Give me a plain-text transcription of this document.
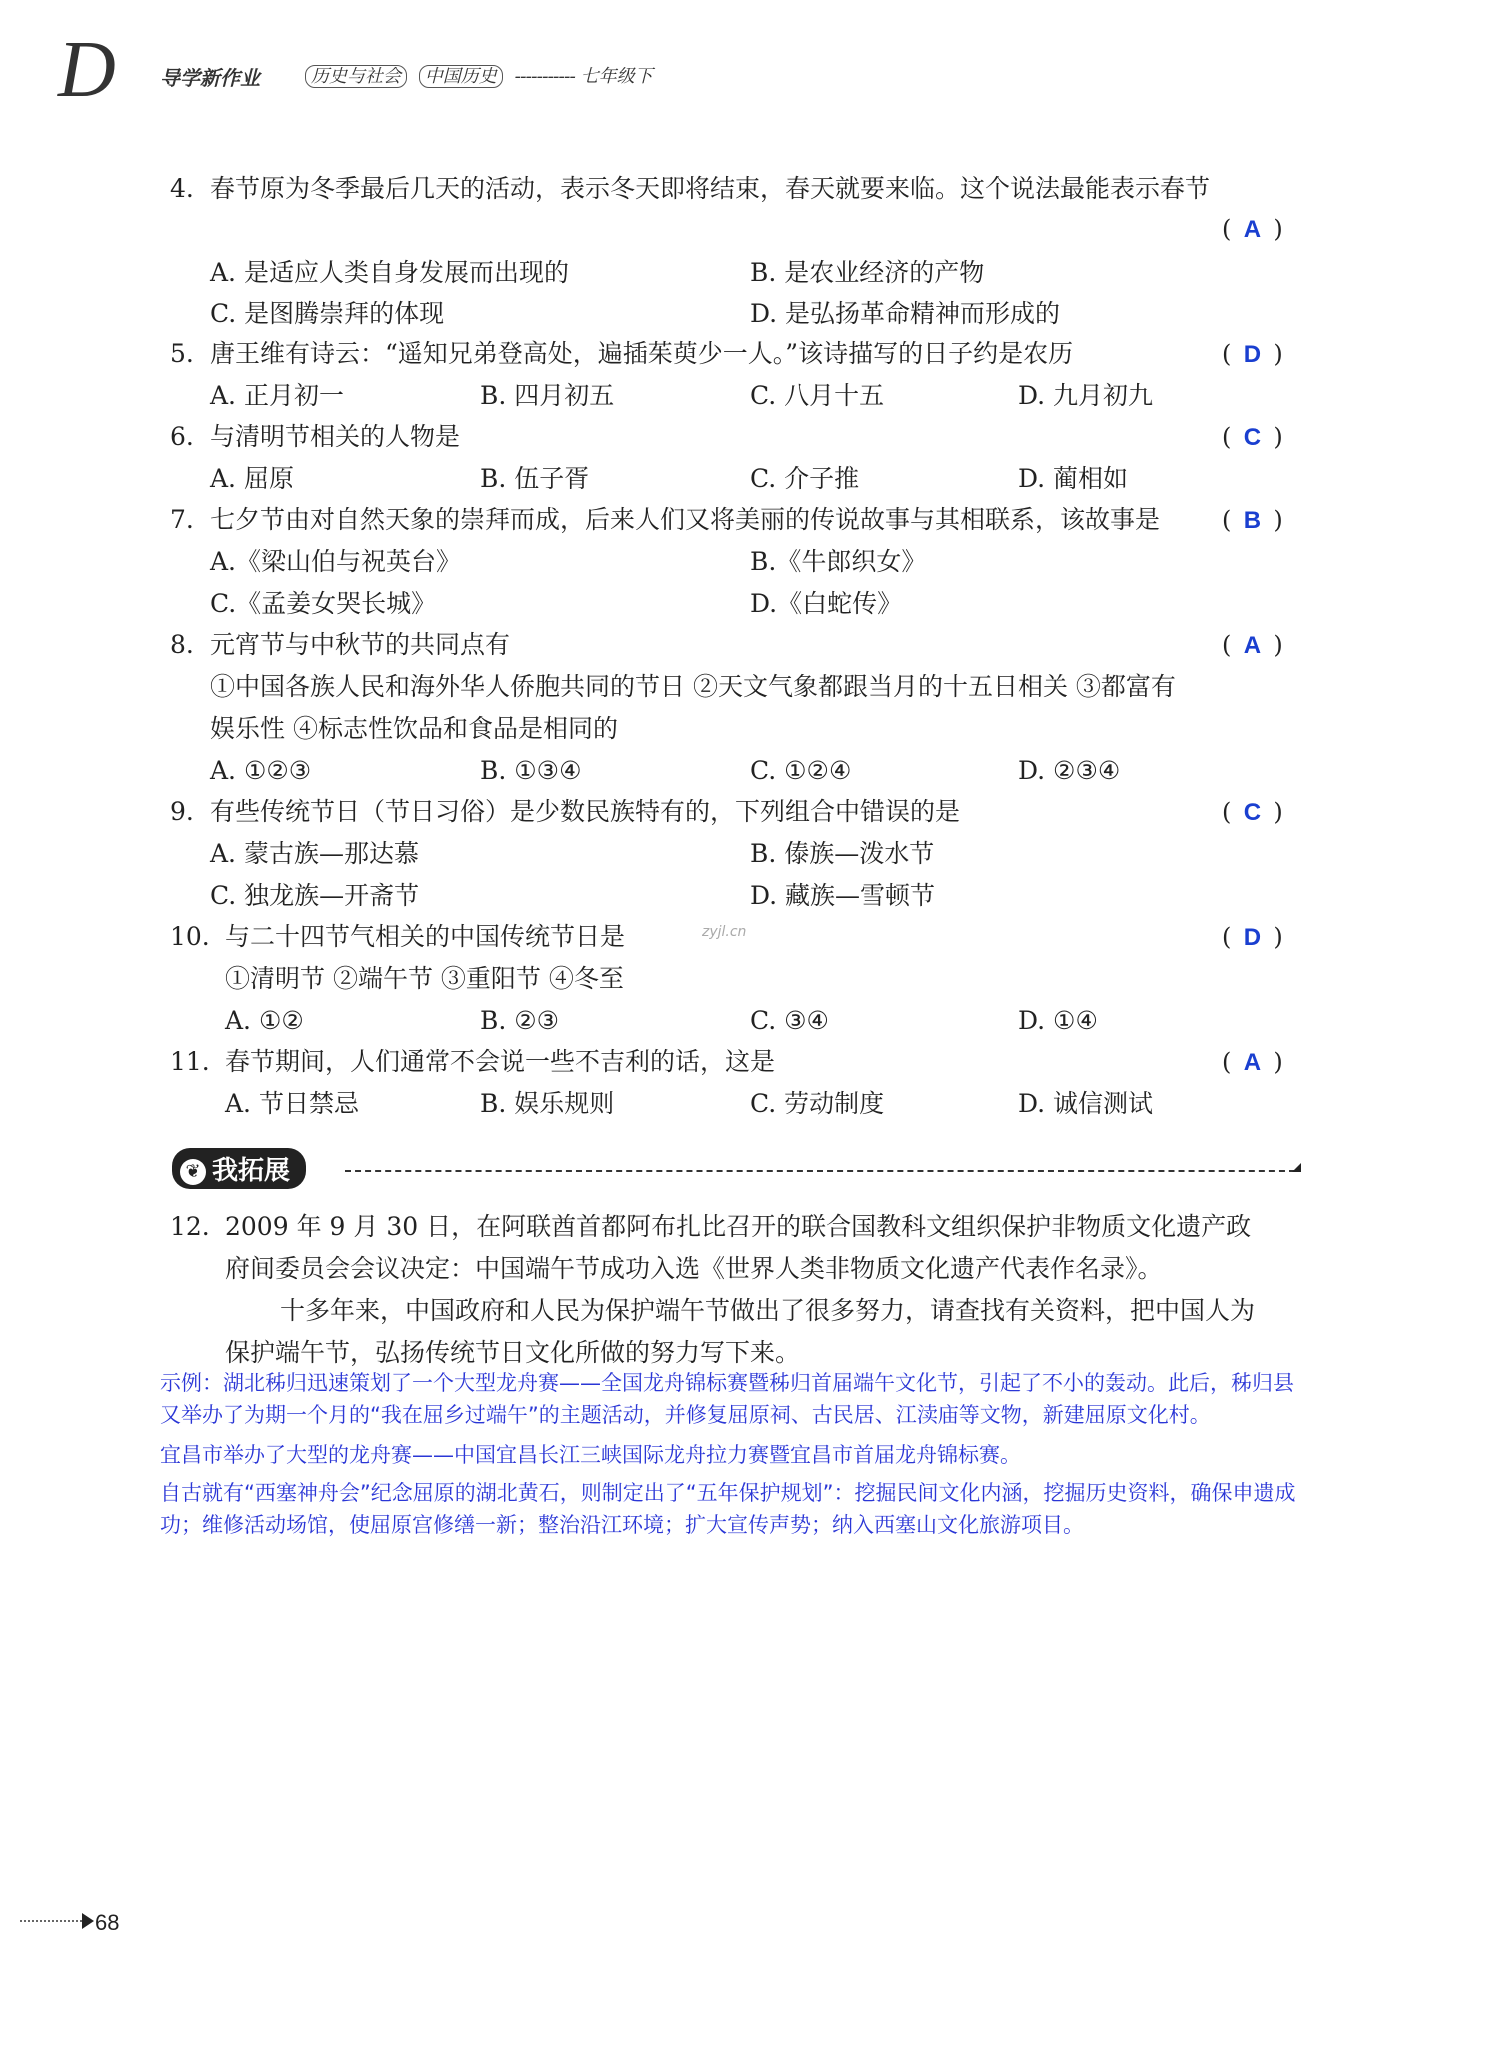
D 导学新作业	历史与社会 中国历史 ----------- 七年级下
4. 春节原为冬季最后几天的活动，表示冬天即将结束，春天就要来临。这个说法最能表示春节
( A )
A. 是适应人类自身发展而出现的	B. 是农业经济的产物
C. 是图腾崇拜的体现	D. 是弘扬革命精神而形成的
5. 唐王维有诗云：“遥知兄弟登高处，遍插茱萸少一人。”该诗描写的日子约是农历	( D )
A. 正月初一	B. 四月初五	C. 八月十五	D. 九月初九
6. 与清明节相关的人物是	( C )
A. 屈原	B. 伍子胥	C. 介子推	D. 蔺相如
7. 七夕节由对自然天象的崇拜而成，后来人们又将美丽的传说故事与其相联系，该故事是	( B )
A.《梁山伯与祝英台》	B.《牛郎织女》
C.《孟姜女哭长城》	D.《白蛇传》
8. 元宵节与中秋节的共同点有	( A )
①中国各族人民和海外华人侨胞共同的节日 ②天文气象都跟当月的十五日相关 ③都富有
娱乐性 ④标志性饮品和食品是相同的
A. ①②③	B. ①③④	C. ①②④	D. ②③④
9. 有些传统节日（节日习俗）是少数民族特有的，下列组合中错误的是	( C )
A. 蒙古族—那达慕	B. 傣族—泼水节
C. 独龙族—开斋节	D. 藏族—雪顿节
10. 与二十四节气相关的中国传统节日是	zyjl.cn	( D )
①清明节 ②端午节 ③重阳节 ④冬至
A. ①②	B. ②③	C. ③④	D. ①④
11. 春节期间，人们通常不会说一些不吉利的话，这是	( A )
A. 节日禁忌	B. 娱乐规则	C. 劳动制度	D. 诚信测试
❦ 我拓展
12. 2009 年 9 月 30 日，在阿联酋首都阿布扎比召开的联合国教科文组织保护非物质文化遗产政
府间委员会会议决定：中国端午节成功入选《世界人类非物质文化遗产代表作名录》。
十多年来，中国政府和人民为保护端午节做出了很多努力，请查找有关资料，把中国人为
保护端午节，弘扬传统节日文化所做的努力写下来。
示例：湖北秭归迅速策划了一个大型龙舟赛——全国龙舟锦标赛暨秭归首届端午文化节，引起了不小的轰动。此后，秭归县
又举办了为期一个月的“我在屈乡过端午”的主题活动，并修复屈原祠、古民居、江渎庙等文物，新建屈原文化村。
宜昌市举办了大型的龙舟赛——中国宜昌长江三峡国际龙舟拉力赛暨宜昌市首届龙舟锦标赛。
自古就有“西塞神舟会”纪念屈原的湖北黄石，则制定出了“五年保护规划”：挖掘民间文化内涵，挖掘历史资料，确保申遗成
功；维修活动场馆，使屈原宫修缮一新；整治沿江环境；扩大宣传声势；纳入西塞山文化旅游项目。
68
